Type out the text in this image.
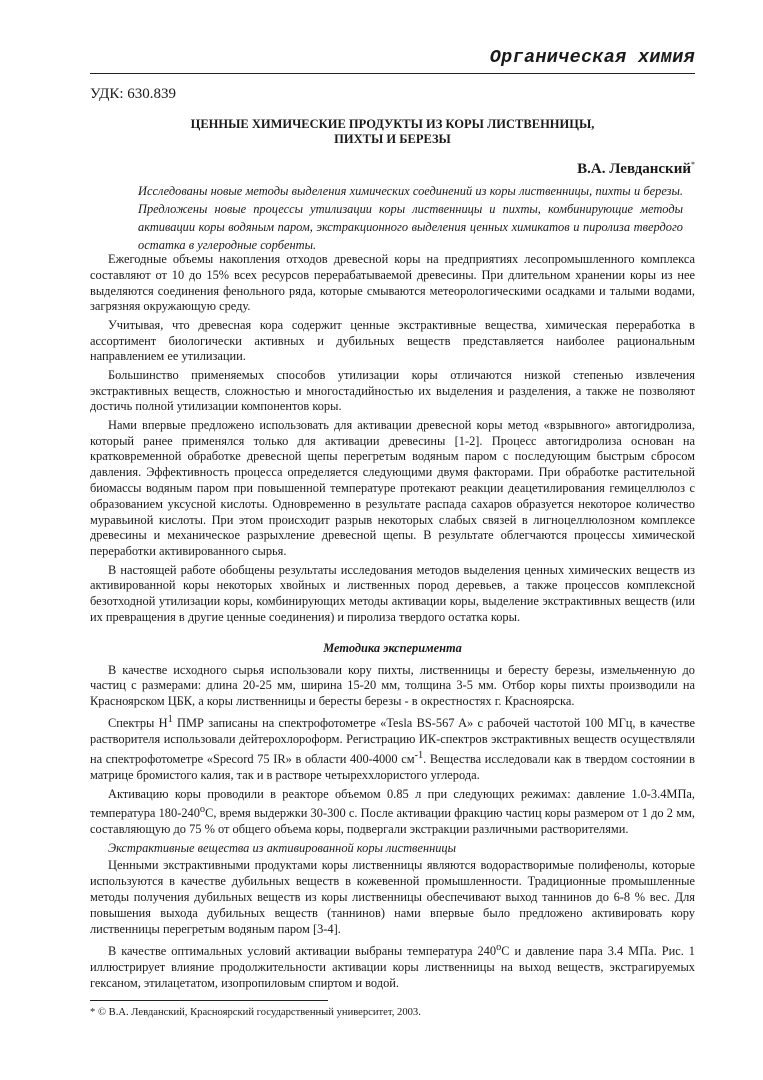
Органическая химия
УДК: 630.839
ЦЕННЫЕ ХИМИЧЕСКИЕ ПРОДУКТЫ ИЗ КОРЫ ЛИСТВЕННИЦЫ,
ПИХТЫ И БЕРЕЗЫ
В.А. Левданский*
Исследованы новые методы выделения химических соединений из коры лиственницы, пихты и березы. Предложены новые процессы утилизации коры лиственницы и пихты, комбинирующие методы активации коры водяным паром, экстракционного выделения ценных химикатов и пиролиза твердого остатка в углеродные сорбенты.

Ежегодные объемы накопления отходов древесной коры на предприятиях лесопромышленного комплекса составляют от 10 до 15% всех ресурсов перерабатываемой древесины. При длительном хранении коры из нее выделяются соединения фенольного ряда, которые смываются метеорологическими осадками и талыми водами, загрязняя окружающую среду.

Учитывая, что древесная кора содержит ценные экстрактивные вещества, химическая переработка в ассортимент биологически активных и дубильных веществ представляется наиболее рациональным направлением ее утилизации.

Большинство применяемых способов утилизации коры отличаются низкой степенью извлечения экстрактивных веществ, сложностью и многостадийностью их выделения и разделения, а также не позволяют достичь полной утилизации компонентов коры.

Нами впервые предложено использовать для активации древесной коры метод «взрывного» автогидролиза, который ранее применялся только для активации древесины [1-2]. Процесс автогидролиза основан на кратковременной обработке древесной щепы перегретым водяным паром с последующим быстрым сбросом давления. Эффективность процесса определяется следующими двумя факторами. При обработке растительной биомассы водяным паром при повышенной температуре протекают реакции деацетилирования гемицеллюлоз с образованием уксусной кислоты. Одновременно в результате распада сахаров образуется некоторое количество муравьиной кислоты. При этом происходит разрыв некоторых слабых связей в лигноцеллюлозном комплексе древесины и механическое разрыхление древесной щепы. В результате облегчаются процессы химической переработки активированного сырья.

В настоящей работе обобщены результаты исследования методов выделения ценных химических веществ из активированной коры некоторых хвойных и лиственных пород деревьев, а также процессов комплексной безотходной утилизации коры, комбинирующих методы активации коры, выделение экстрактивных веществ (или их превращения в другие ценные соединения) и пиролиза твердого остатка коры.

Методика эксперимента

В качестве исходного сырья использовали кору пихты, лиственницы и бересту березы, измельченную до частиц с размерами: длина 20-25 мм, ширина 15-20 мм, толщина 3-5 мм. Отбор коры пихты производили на Красноярском ЦБК, а коры лиственницы и бересты березы - в окрестностях г. Красноярска.

Спектры $Н^1$ ПМР записаны на спектрофотометре «Tesla BS-567 A» с рабочей частотой 100 МГц, в качестве растворителя использовали дейтерохлороформ. Регистрацию ИК-спектров экстрактивных веществ осуществляли на спектрофотометре «Specord 75 IR» в области 400-4000 $см^{-1}$. Вещества исследовали как в твердом состоянии в матрице бромистого калия, так и в растворе четыреххлористого углерода.

Активацию коры проводили в реакторе объемом 0.85 л при следующих режимах: давление 1.0-3.4МПа, температура $180-240^оС$, время выдержки 30-300 с. После активации фракцию частиц коры размером от 1 до 2 мм, составляющую до 75 % от общего объема коры, подвергали экстракции различными растворителями.

Экстрактивные вещества из активированной коры лиственницы

Ценными экстрактивными продуктами коры лиственницы являются водорастворимые полифенолы, которые используются в качестве дубильных веществ в кожевенной промышленности. Традиционные промышленные методы получения дубильных веществ из коры лиственницы обеспечивают выход таннинов до 6-8 % вес. Для повышения выхода дубильных веществ (таннинов) нами впервые было предложено активировать кору лиственницы перегретым водяным паром [3-4].

В качестве оптимальных условий активации выбраны температура $240^оС$ и давление пара 3.4 МПа. Рис. 1 иллюстрирует влияние продолжительности активации коры лиственницы на выход веществ, экстрагируемых гексаном, этилацетатом, изопропиловым спиртом и водой.

* © В.А. Левданский, Красноярский государственный университет, 2003.
